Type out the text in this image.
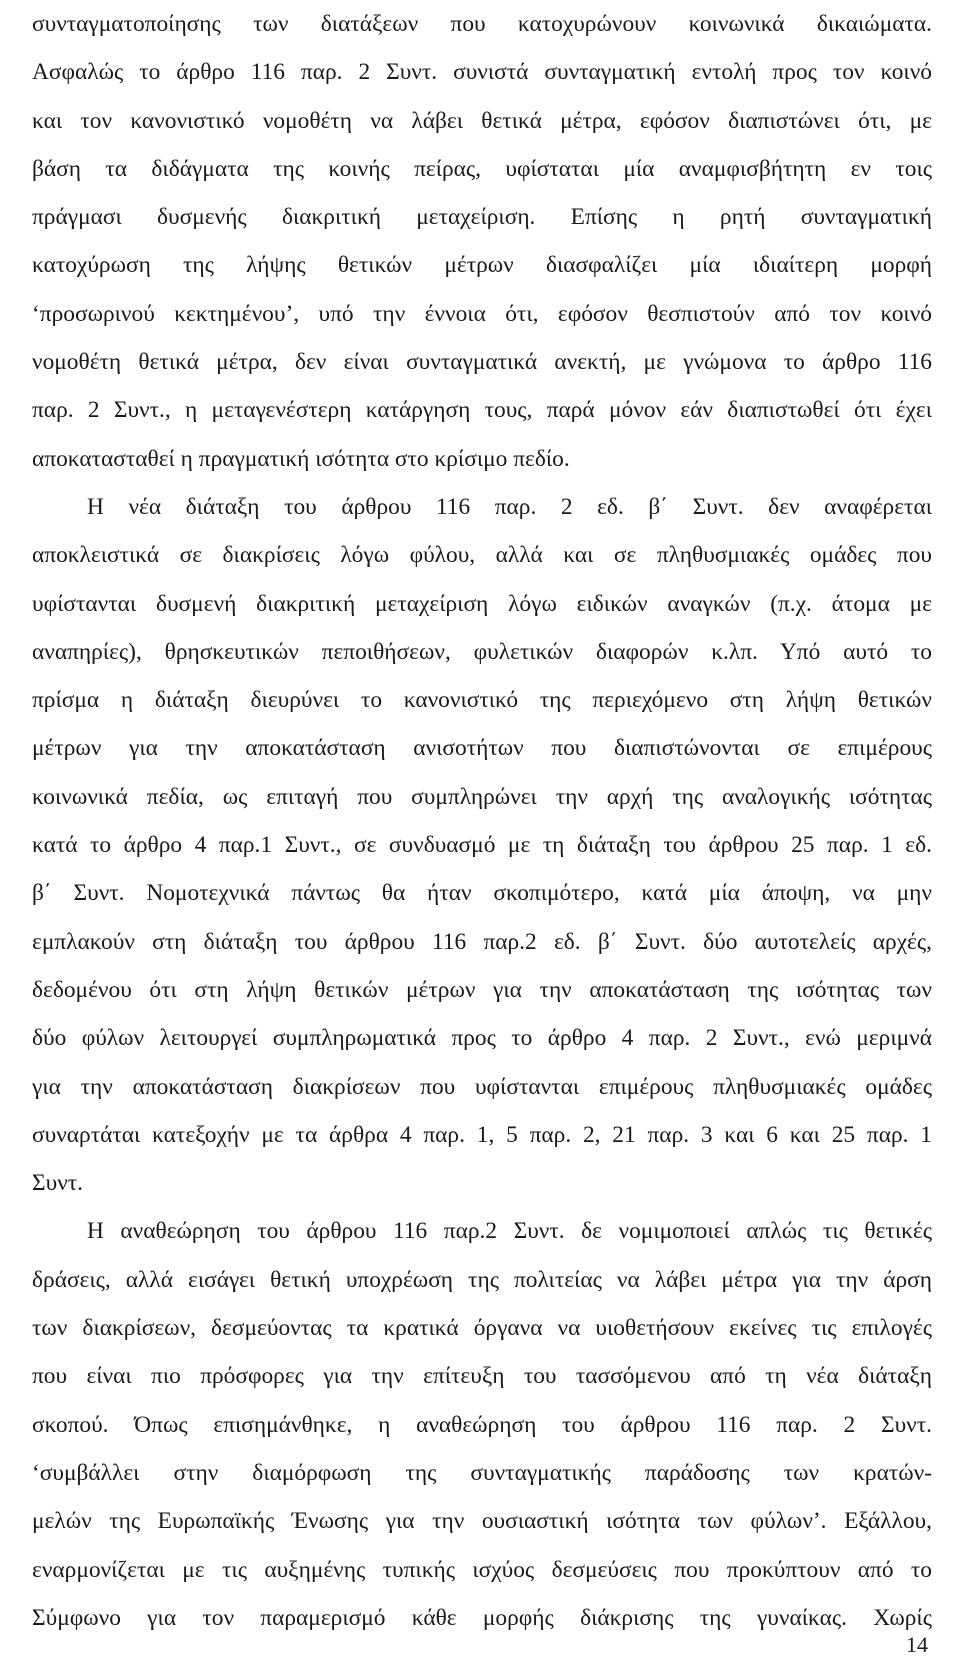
συνταγματοποίησης των διατάξεων που κατοχυρώνουν κοινωνικά δικαιώματα.
Ασφαλώς το άρθρο 116 παρ. 2 Συντ. συνιστά συνταγματική εντολή προς τον κοινό
και τον κανονιστικό νομοθέτη να λάβει θετικά μέτρα, εφόσον διαπιστώνει ότι, με
βάση τα διδάγματα της κοινής πείρας, υφίσταται μία αναμφισβήτητη εν τοις
πράγμασι δυσμενής διακριτική μεταχείριση. Επίσης η ρητή συνταγματική
κατοχύρωση της λήψης θετικών μέτρων διασφαλίζει μία ιδιαίτερη μορφή
‘προσωρινού κεκτημένου’, υπό την έννοια ότι, εφόσον θεσπιστούν από τον κοινό
νομοθέτη θετικά μέτρα, δεν είναι συνταγματικά ανεκτή, με γνώμονα το άρθρο 116
παρ. 2 Συντ., η μεταγενέστερη κατάργηση τους, παρά μόνον εάν διαπιστωθεί ότι έχει
αποκατασταθεί η πραγματική ισότητα στο κρίσιμο πεδίο.
Η νέα διάταξη του άρθρου 116 παρ. 2 εδ. β΄ Συντ. δεν αναφέρεται
αποκλειστικά σε διακρίσεις λόγω φύλου, αλλά και σε πληθυσμιακές ομάδες που
υφίστανται δυσμενή διακριτική μεταχείριση λόγω ειδικών αναγκών (π.χ. άτομα με
αναπηρίες), θρησκευτικών πεποιθήσεων, φυλετικών διαφορών κ.λπ. Υπό αυτό το
πρίσμα η διάταξη διευρύνει το κανονιστικό της περιεχόμενο στη λήψη θετικών
μέτρων για την αποκατάσταση ανισοτήτων που διαπιστώνονται σε επιμέρους
κοινωνικά πεδία, ως επιταγή που συμπληρώνει την αρχή της αναλογικής ισότητας
κατά το άρθρο 4 παρ.1 Συντ., σε συνδυασμό με τη διάταξη του άρθρου 25 παρ. 1 εδ.
β΄ Συντ. Νομοτεχνικά πάντως θα ήταν σκοπιμότερο, κατά μία άποψη, να μην
εμπλακούν στη διάταξη του άρθρου 116 παρ.2 εδ. β΄ Συντ. δύο αυτοτελείς αρχές,
δεδομένου ότι στη λήψη θετικών μέτρων για την αποκατάσταση της ισότητας των
δύο φύλων λειτουργεί συμπληρωματικά προς το άρθρο 4 παρ. 2 Συντ., ενώ μεριμνά
για την αποκατάσταση διακρίσεων που υφίστανται επιμέρους πληθυσμιακές ομάδες
συναρτάται κατεξοχήν με τα άρθρα 4 παρ. 1, 5 παρ. 2, 21 παρ. 3 και 6 και 25 παρ. 1
Συντ.
Η αναθεώρηση του άρθρου 116 παρ.2 Συντ. δε νομιμοποιεί απλώς τις θετικές
δράσεις, αλλά εισάγει θετική υποχρέωση της πολιτείας να λάβει μέτρα για την άρση
των διακρίσεων, δεσμεύοντας τα κρατικά όργανα να υιοθετήσουν εκείνες τις επιλογές
που είναι πιο πρόσφορες για την επίτευξη του τασσόμενου από τη νέα διάταξη
σκοπού. Όπως επισημάνθηκε, η αναθεώρηση του άρθρου 116 παρ. 2 Συντ.
‘συμβάλλει στην διαμόρφωση της συνταγματικής παράδοσης των κρατών-
μελών της Ευρωπαϊκής Ένωσης για την ουσιαστική ισότητα των φύλων’. Εξάλλου,
εναρμονίζεται με τις αυξημένης τυπικής ισχύος δεσμεύσεις που προκύπτουν από το
Σύμφωνο για τον παραμερισμό κάθε μορφής διάκρισης της γυναίκας. Χωρίς
14
